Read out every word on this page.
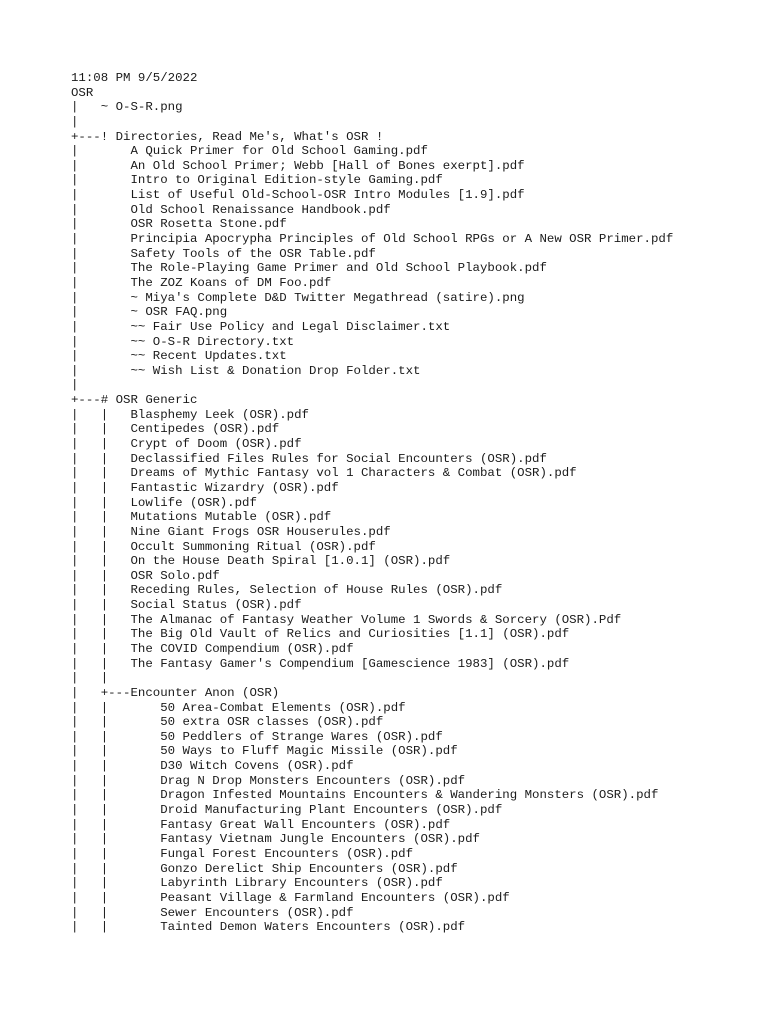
11:08 PM 9/5/2022
OSR
|   ~ O-S-R.png
|
+---! Directories, Read Me's, What's OSR !
|       A Quick Primer for Old School Gaming.pdf
|       An Old School Primer; Webb [Hall of Bones exerpt].pdf
|       Intro to Original Edition-style Gaming.pdf
|       List of Useful Old-School-OSR Intro Modules [1.9].pdf
|       Old School Renaissance Handbook.pdf
|       OSR Rosetta Stone.pdf
|       Principia Apocrypha Principles of Old School RPGs or A New OSR Primer.pdf
|       Safety Tools of the OSR Table.pdf
|       The Role-Playing Game Primer and Old School Playbook.pdf
|       The ZOZ Koans of DM Foo.pdf
|       ~ Miya's Complete D&D Twitter Megathread (satire).png
|       ~ OSR FAQ.png
|       ~~ Fair Use Policy and Legal Disclaimer.txt
|       ~~ O-S-R Directory.txt
|       ~~ Recent Updates.txt
|       ~~ Wish List & Donation Drop Folder.txt
|
+---# OSR Generic
|   |   Blasphemy Leek (OSR).pdf
|   |   Centipedes (OSR).pdf
|   |   Crypt of Doom (OSR).pdf
|   |   Declassified Files Rules for Social Encounters (OSR).pdf
|   |   Dreams of Mythic Fantasy vol 1 Characters & Combat (OSR).pdf
|   |   Fantastic Wizardry (OSR).pdf
|   |   Lowlife (OSR).pdf
|   |   Mutations Mutable (OSR).pdf
|   |   Nine Giant Frogs OSR Houserules.pdf
|   |   Occult Summoning Ritual (OSR).pdf
|   |   On the House Death Spiral [1.0.1] (OSR).pdf
|   |   OSR Solo.pdf
|   |   Receding Rules, Selection of House Rules (OSR).pdf
|   |   Social Status (OSR).pdf
|   |   The Almanac of Fantasy Weather Volume 1 Swords & Sorcery (OSR).Pdf
|   |   The Big Old Vault of Relics and Curiosities [1.1] (OSR).pdf
|   |   The COVID Compendium (OSR).pdf
|   |   The Fantasy Gamer's Compendium [Gamescience 1983] (OSR).pdf
|   |
|   +---Encounter Anon (OSR)
|   |       50 Area-Combat Elements (OSR).pdf
|   |       50 extra OSR classes (OSR).pdf
|   |       50 Peddlers of Strange Wares (OSR).pdf
|   |       50 Ways to Fluff Magic Missile (OSR).pdf
|   |       D30 Witch Covens (OSR).pdf
|   |       Drag N Drop Monsters Encounters (OSR).pdf
|   |       Dragon Infested Mountains Encounters & Wandering Monsters (OSR).pdf
|   |       Droid Manufacturing Plant Encounters (OSR).pdf
|   |       Fantasy Great Wall Encounters (OSR).pdf
|   |       Fantasy Vietnam Jungle Encounters (OSR).pdf
|   |       Fungal Forest Encounters (OSR).pdf
|   |       Gonzo Derelict Ship Encounters (OSR).pdf
|   |       Labyrinth Library Encounters (OSR).pdf
|   |       Peasant Village & Farmland Encounters (OSR).pdf
|   |       Sewer Encounters (OSR).pdf
|   |       Tainted Demon Waters Encounters (OSR).pdf
